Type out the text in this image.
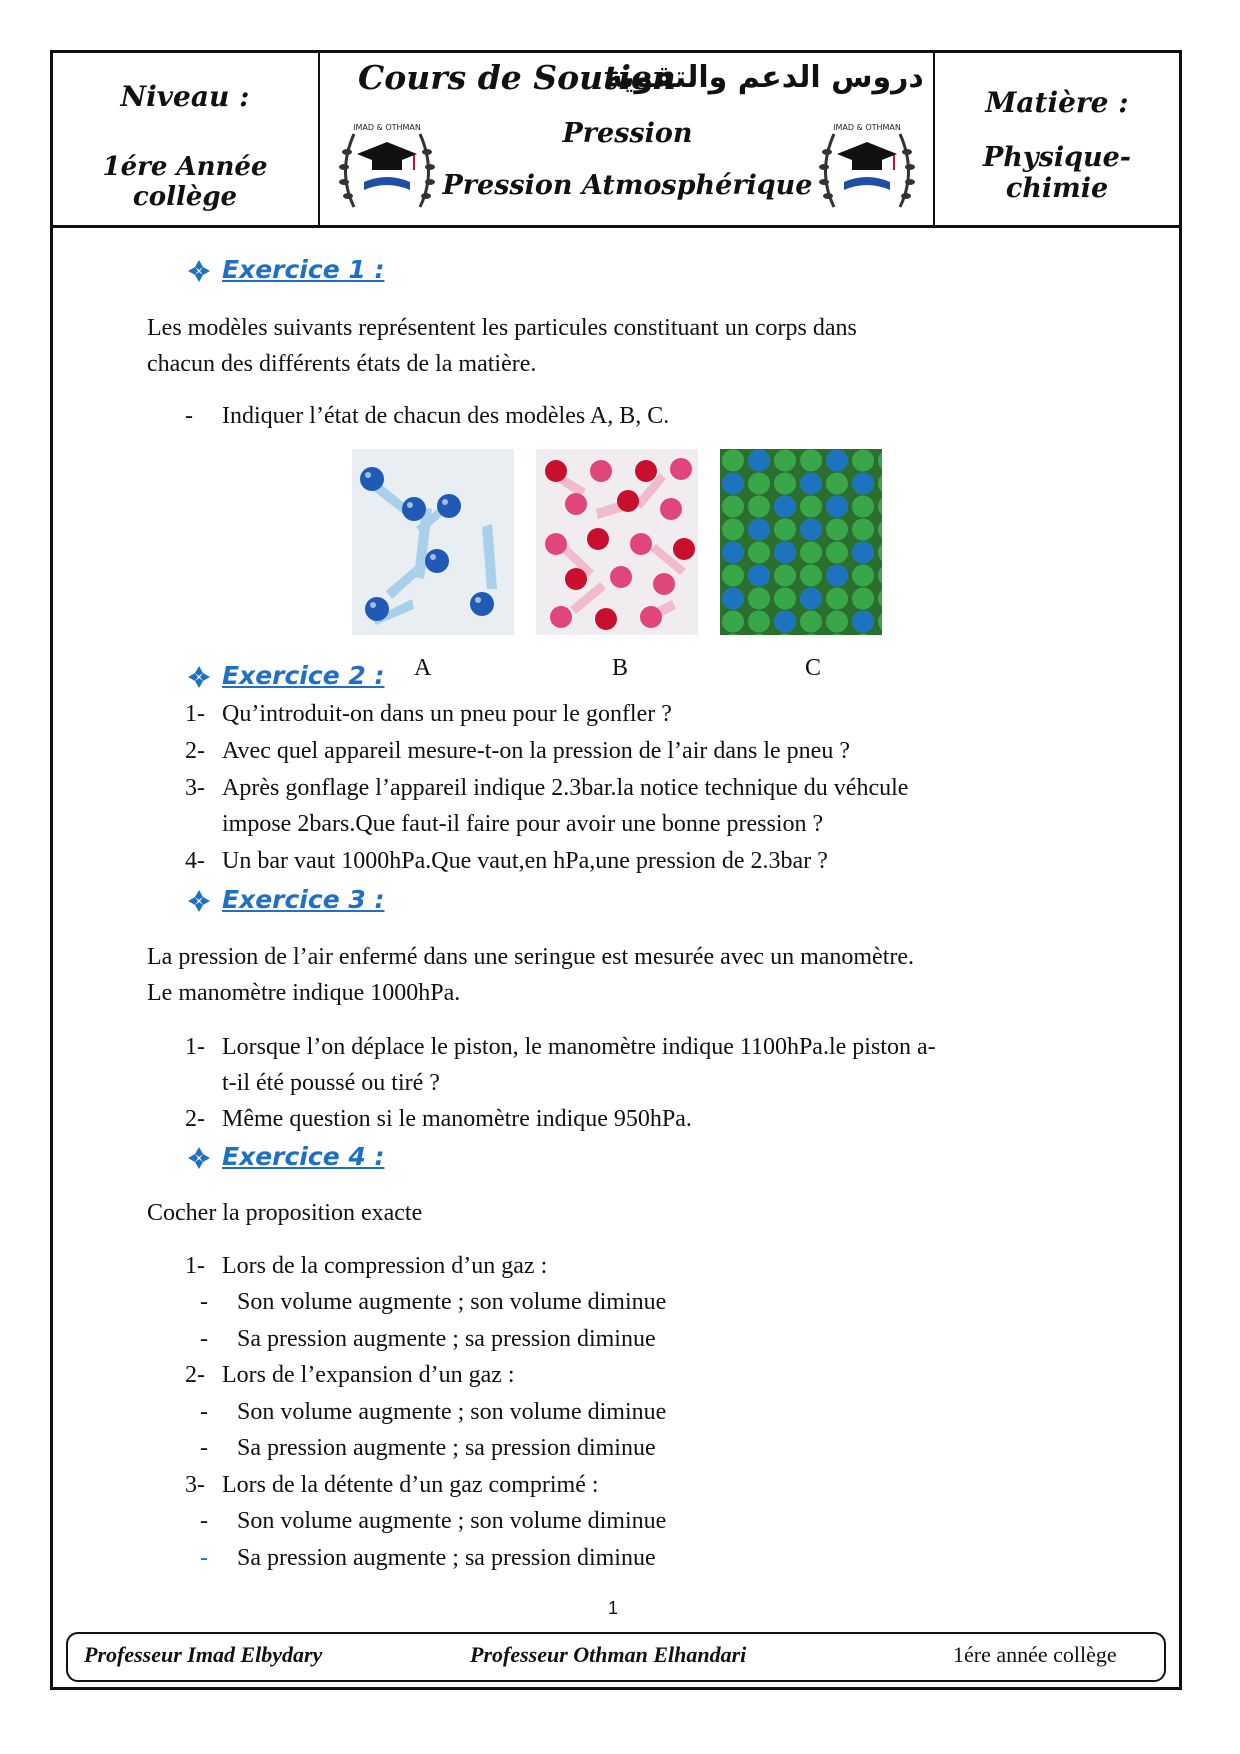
Niveau :
1ére Année collège
Cours de Soutien
دروس الدعم والتقوية
Pression
Pression Atmosphérique
IMAD & OTHMAN	IMAD & OTHMAN
Matière :
Physique-chimie
Exercice 1 :
Les modèles suivants représentent les particules constituant un corps dans
chacun des différents états de la matière.
- Indiquer l’état de chacun des modèles A, B, C.
A	B	C
Exercice 2 :
1- Qu’introduit-on dans un pneu pour le gonfler ?
2- Avec quel appareil mesure-t-on la pression de l’air dans le pneu ?
3- Après gonflage l’appareil indique 2.3bar.la notice technique du véhcule
impose 2bars.Que faut-il faire pour avoir une bonne pression ?
4- Un bar vaut 1000hPa.Que vaut,en hPa,une pression de 2.3bar ?
Exercice 3 :
La pression de l’air enfermé dans une seringue est mesurée avec un manomètre.
Le manomètre indique 1000hPa.
1- Lorsque l’on déplace le piston, le manomètre indique 1100hPa.le piston a-
t-il été poussé ou tiré ?
2- Même question si le manomètre indique 950hPa.
Exercice 4 :
Cocher la proposition exacte
1- Lors de la compression d’un gaz :
- Son volume augmente ; son volume diminue
- Sa pression augmente ; sa pression diminue
2- Lors de l’expansion d’un gaz :
- Son volume augmente ; son volume diminue
- Sa pression augmente ; sa pression diminue
3- Lors de la détente d’un gaz comprimé :
- Son volume augmente ; son volume diminue
- Sa pression augmente ; sa pression diminue
1
Professeur Imad Elbydary	Professeur Othman Elhandari	1ére année collège
